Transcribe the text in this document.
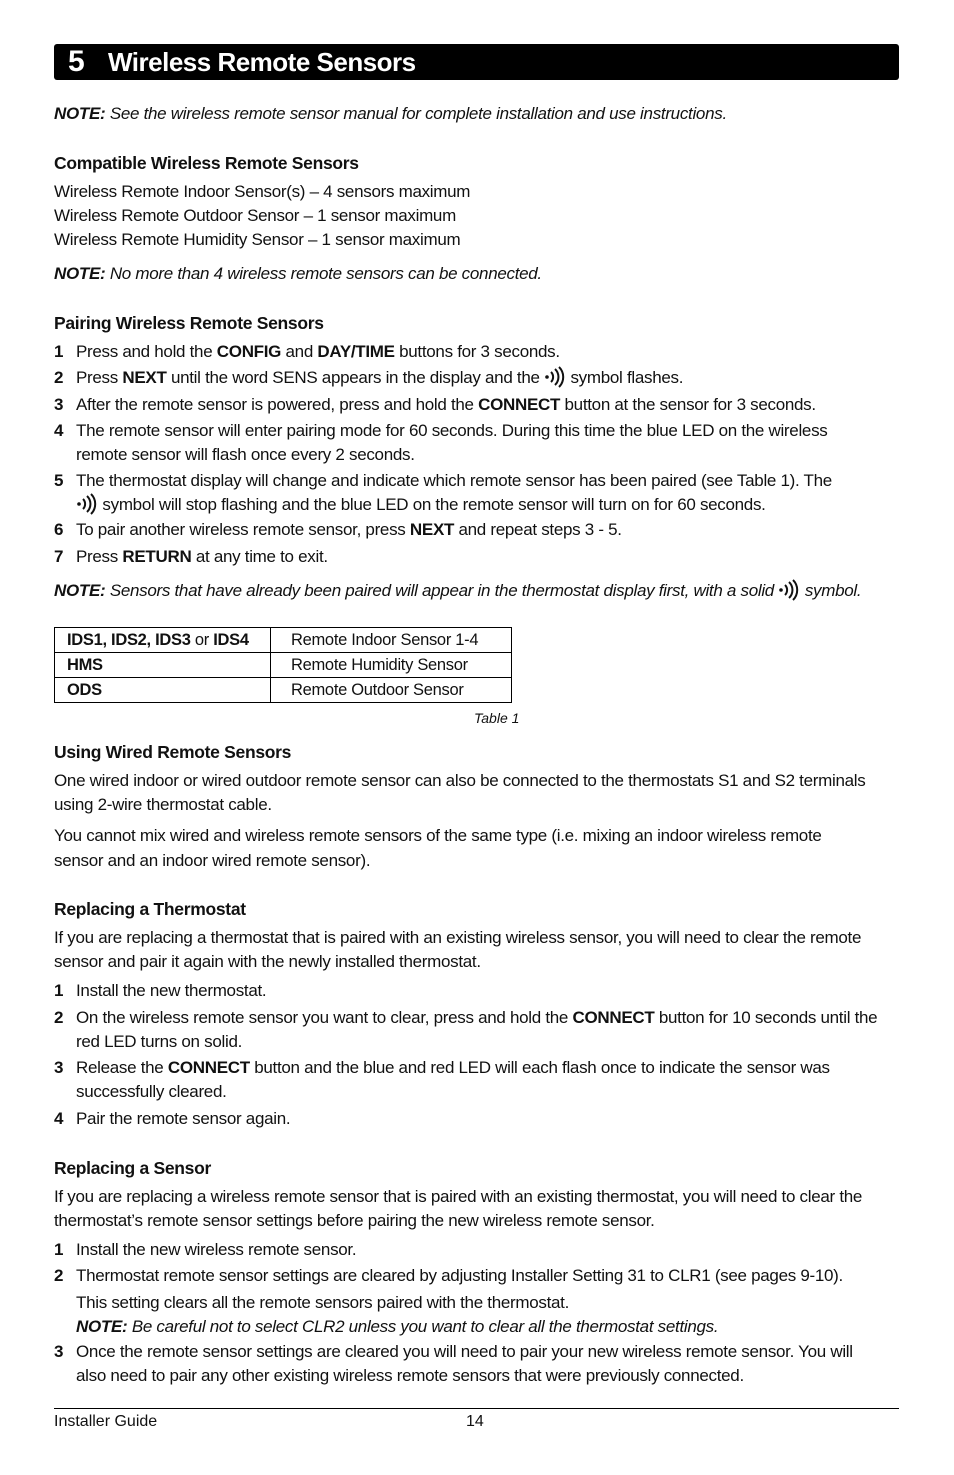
5 Wireless Remote Sensors
NOTE: See the wireless remote sensor manual for complete installation and use instructions.
Compatible Wireless Remote Sensors
Wireless Remote Indoor Sensor(s) – 4 sensors maximum
Wireless Remote Outdoor Sensor – 1 sensor maximum
Wireless Remote Humidity Sensor – 1 sensor maximum
NOTE: No more than 4 wireless remote sensors can be connected.
Pairing Wireless Remote Sensors
1 Press and hold the CONFIG and DAY/TIME buttons for 3 seconds.
2 Press NEXT until the word SENS appears in the display and the  symbol flashes.
3 After the remote sensor is powered, press and hold the CONNECT button at the sensor for 3 seconds.
4 The remote sensor will enter pairing mode for 60 seconds. During this time the blue LED on the wireless
remote sensor will flash once every 2 seconds.
5 The thermostat display will change and indicate which remote sensor has been paired (see Table 1). The
symbol will stop flashing and the blue LED on the remote sensor will turn on for 60 seconds.
6 To pair another wireless remote sensor, press NEXT and repeat steps 3 - 5.
7 Press RETURN at any time to exit.
NOTE: Sensors that have already been paired will appear in the thermostat display first, with a solid  symbol.
IDS1, IDS2, IDS3 or IDS4	Remote Indoor Sensor 1-4
HMS	Remote Humidity Sensor
ODS	Remote Outdoor Sensor
Table 1
Using Wired Remote Sensors
One wired indoor or wired outdoor remote sensor can also be connected to the thermostats S1 and S2 terminals
using 2-wire thermostat cable.
You cannot mix wired and wireless remote sensors of the same type (i.e. mixing an indoor wireless remote
sensor and an indoor wired remote sensor).
Replacing a Thermostat
If you are replacing a thermostat that is paired with an existing wireless sensor, you will need to clear the remote
sensor and pair it again with the newly installed thermostat.
1 Install the new thermostat.
2 On the wireless remote sensor you want to clear, press and hold the CONNECT button for 10 seconds until the
red LED turns on solid.
3 Release the CONNECT button and the blue and red LED will each flash once to indicate the sensor was
successfully cleared.
4 Pair the remote sensor again.
Replacing a Sensor
If you are replacing a wireless remote sensor that is paired with an existing thermostat, you will need to clear the
thermostat’s remote sensor settings before pairing the new wireless remote sensor.
1 Install the new wireless remote sensor.
2 Thermostat remote sensor settings are cleared by adjusting Installer Setting 31 to CLR1 (see pages 9-10).
This setting clears all the remote sensors paired with the thermostat.
NOTE: Be careful not to select CLR2 unless you want to clear all the thermostat settings.
3 Once the remote sensor settings are cleared you will need to pair your new wireless remote sensor. You will
also need to pair any other existing wireless remote sensors that were previously connected.
Installer Guide	14
